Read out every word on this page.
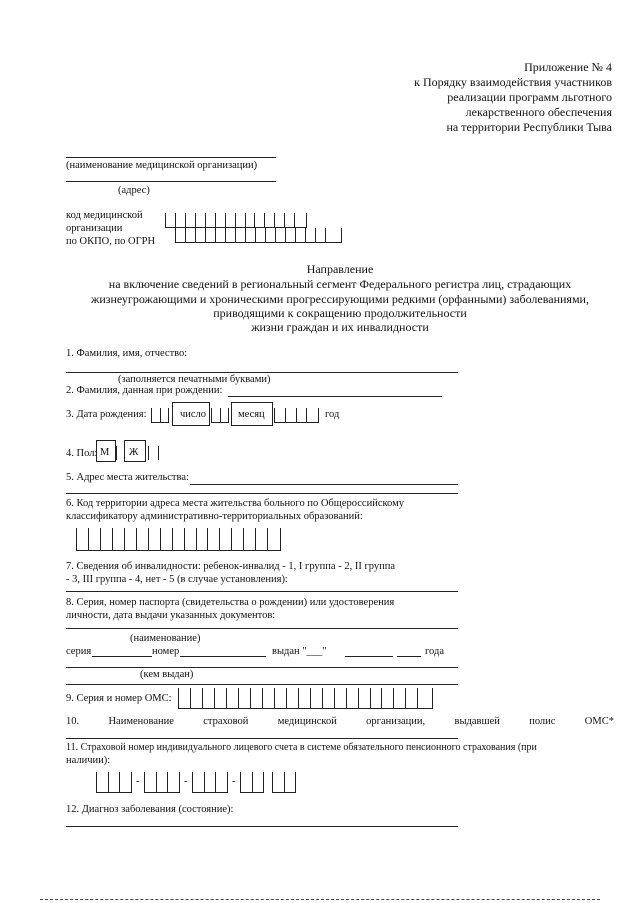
Приложение № 4
к Порядку взаимодействия участников
реализации программ льготного
лекарственного обеспечения
на территории Республики Тыва
(наименование медицинской организации)
(адрес)
код медицинской
организации
по ОКПО, по ОГРН
Направление
на включение сведений в региональный сегмент Федерального регистра лиц, страдающих
жизнеугрожающими и хроническими прогрессирующими редкими (орфанными) заболеваниями,
приводящими к сокращению продолжительности
жизни граждан и их инвалидности
1. Фамилия, имя, отчество:
(заполняется печатными буквами)
2. Фамилия, данная при рождении:
3. Дата рождения:	число	месяц	год
4. Пол: М Ж
5. Адрес места жительства:
6. Код территории адреса места жительства больного по Общероссийскому
классификатору административно-территориальных образований:
7. Сведения об инвалидности: ребенок-инвалид - 1, I группа - 2, II группа
- 3, III группа - 4, нет - 5 (в случае установления):
8. Серия, номер паспорта (свидетельства о рождении) или удостоверения
личности, дата выдачи указанных документов:
(наименование)
серия	номер	выдан "___"	года
(кем выдан)
9. Серия и номер ОМС:
10.	Наименование	страховой	медицинской	организации,	выдавшей	полис	ОМС*
11. Страховой номер индивидуального лицевого счета в системе обязательного пенсионного страхования (при
наличии):
-	-	-
12. Диагноз заболевания (состояние):
